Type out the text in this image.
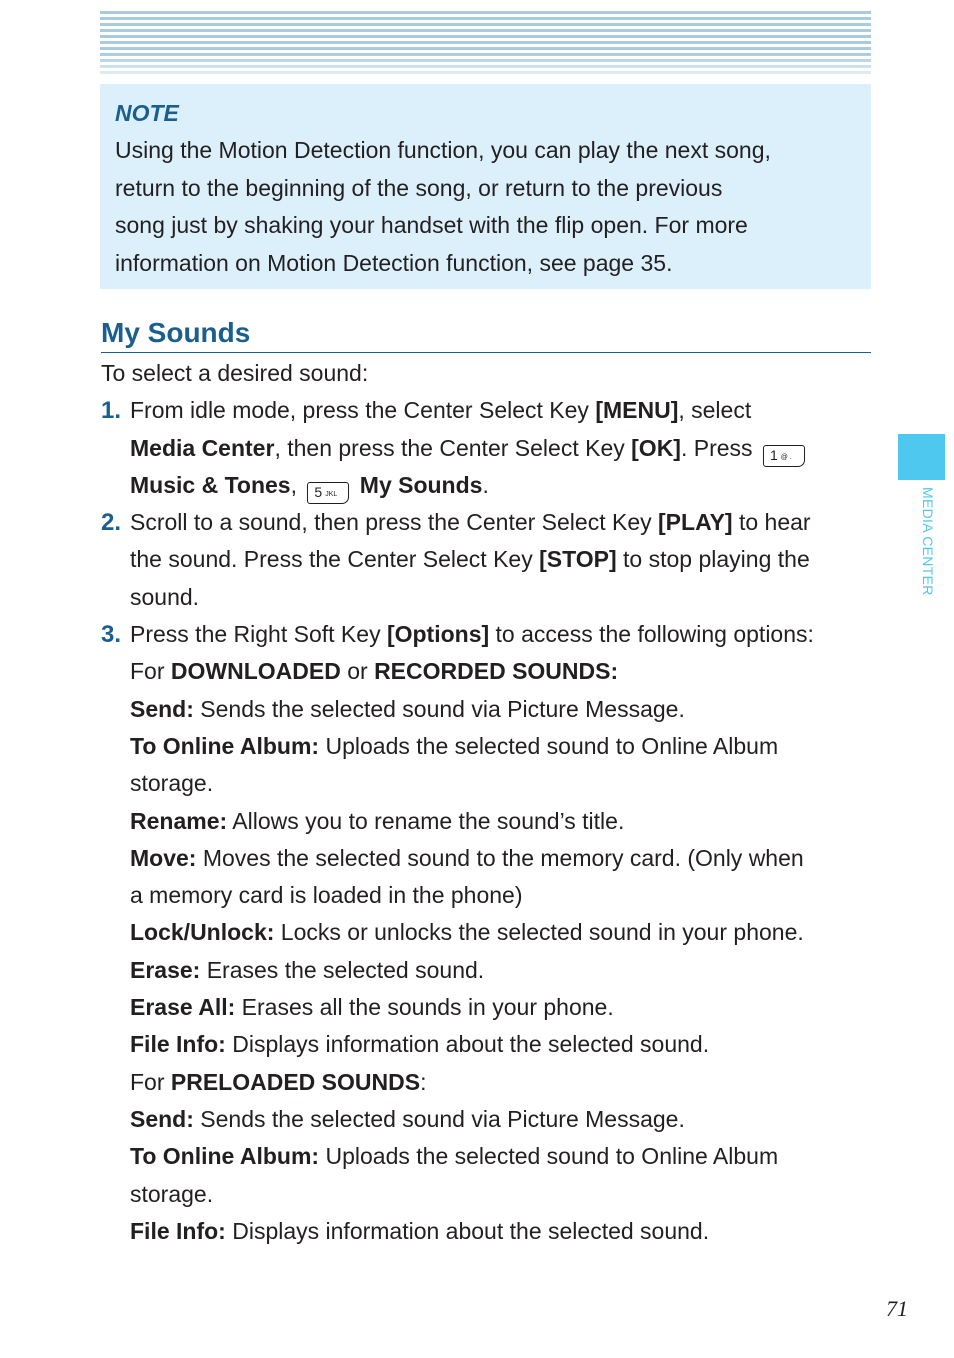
NOTE

Using the Motion Detection function, you can play the next song,

return to the beginning of the song, or return to the previous

song just by shaking your handset with the flip open. For more

information on Motion Detection function, see page 35.

My Sounds

To select a desired sound:

1. From idle mode, press the Center Select Key [MENU], select

Media Center, then press the Center Select Key [OK]. Press 1 @ .

Music & Tones, 5 JKL My Sounds.

2. Scroll to a sound, then press the Center Select Key [PLAY] to hear

the sound. Press the Center Select Key [STOP] to stop playing the

sound.

3. Press the Right Soft Key [Options] to access the following options:

For DOWNLOADED or RECORDED SOUNDS:

Send: Sends the selected sound via Picture Message.

To Online Album: Uploads the selected sound to Online Album

storage.

Rename: Allows you to rename the sound’s title.

Move: Moves the selected sound to the memory card. (Only when

a memory card is loaded in the phone)

Lock/Unlock: Locks or unlocks the selected sound in your phone.

Erase: Erases the selected sound.

Erase All: Erases all the sounds in your phone.

File Info: Displays information about the selected sound.

For PRELOADED SOUNDS:

Send: Sends the selected sound via Picture Message.

To Online Album: Uploads the selected sound to Online Album

storage.

File Info: Displays information about the selected sound.

MEDIA CENTER
71
